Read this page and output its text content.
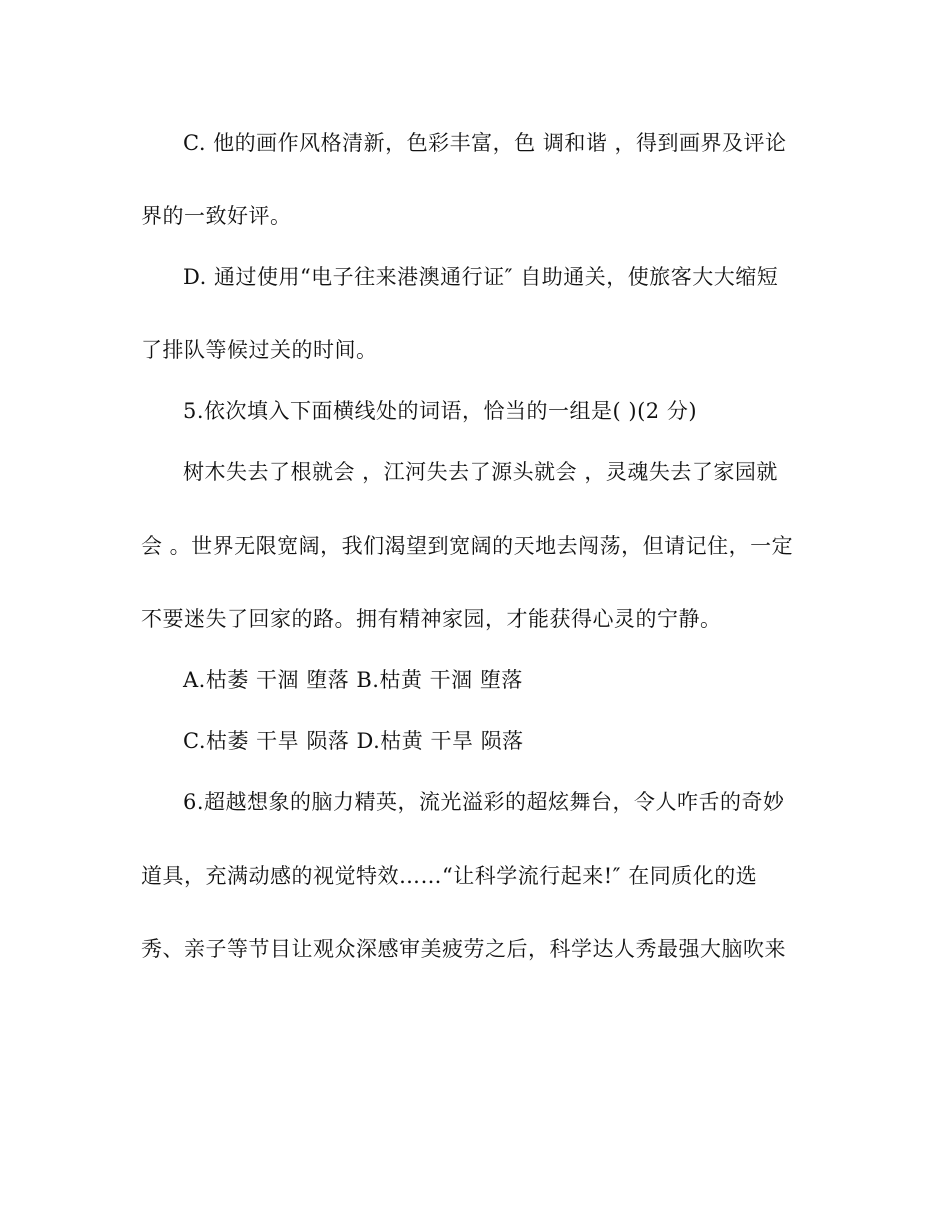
C. 他的画作风格清新，色彩丰富，色 调和谐 ，得到画界及评论
界的一致好评。
D. 通过使用“电子往来港澳通行证″ 自助通关，使旅客大大缩短
了排队等候过关的时间。
5.依次填入下面横线处的词语，恰当的一组是( )(2 分)
树木失去了根就会 ，江河失去了源头就会 ，灵魂失去了家园就
会 。世界无限宽阔，我们渴望到宽阔的天地去闯荡，但请记住，一定
不要迷失了回家的路。拥有精神家园，才能获得心灵的宁静。
A.枯萎 干涸 堕落 B.枯黄 干涸 堕落
C.枯萎 干旱 陨落 D.枯黄 干旱 陨落
6.超越想象的脑力精英，流光溢彩的超炫舞台，令人咋舌的奇妙
道具，充满动感的视觉特效……“让科学流行起来!″ 在同质化的选
秀、亲子等节目让观众深感审美疲劳之后，科学达人秀最强大脑吹来
